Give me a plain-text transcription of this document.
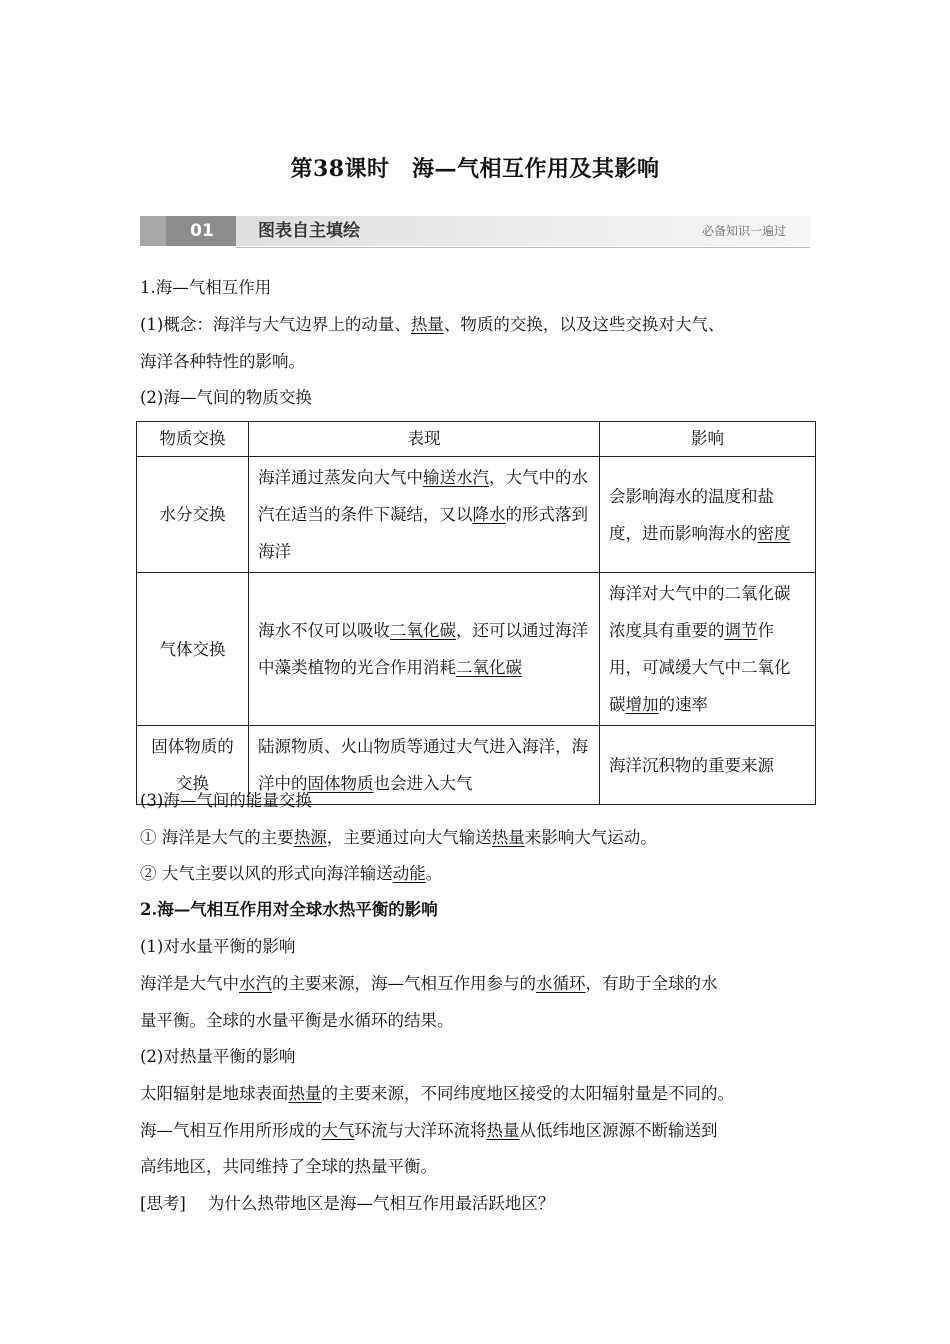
第38课时　海—气相互作用及其影响
01	图表自主填绘	必备知识一遍过
1.海—气相互作用
(1)概念：海洋与大气边界上的动量、热量、物质的交换，以及这些交换对大气、
海洋各种特性的影响。
(2)海—气间的物质交换
物质交换	表现	影响
水分交换	海洋通过蒸发向大气中输送水汽，大气中的水汽在适当的条件下凝结，又以降水的形式落到海洋	会影响海水的温度和盐度，进而影响海水的密度
气体交换	海水不仅可以吸收二氧化碳，还可以通过海洋中藻类植物的光合作用消耗二氧化碳	海洋对大气中的二氧化碳浓度具有重要的调节作用，可减缓大气中二氧化碳增加的速率
固体物质的交换	陆源物质、火山物质等通过大气进入海洋，海洋中的固体物质也会进入大气	海洋沉积物的重要来源
(3)海—气间的能量交换
① 海洋是大气的主要热源，主要通过向大气输送热量来影响大气运动。
② 大气主要以风的形式向海洋输送动能。
2.海—气相互作用对全球水热平衡的影响
(1)对水量平衡的影响
海洋是大气中水汽的主要来源，海—气相互作用参与的水循环，有助于全球的水
量平衡。全球的水量平衡是水循环的结果。
(2)对热量平衡的影响
太阳辐射是地球表面热量的主要来源，不同纬度地区接受的太阳辐射量是不同的。
海—气相互作用所形成的大气环流与大洋环流将热量从低纬地区源源不断输送到
高纬地区，共同维持了全球的热量平衡。
[思考] 为什么热带地区是海—气相互作用最活跃地区？
